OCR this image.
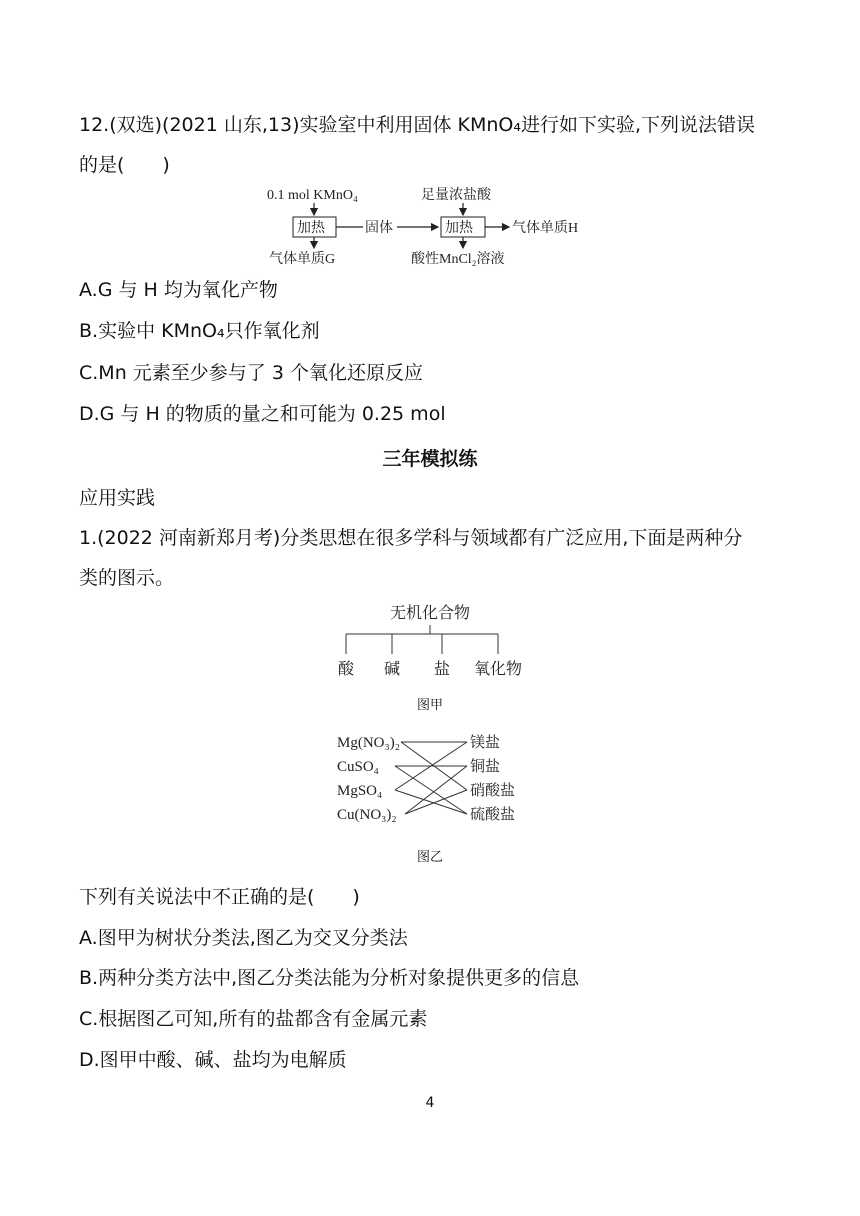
12.(双选)(2021 山东,13)实验室中利用固体 KMnO₄进行如下实验,下列说法错误
的是(　　)
0.1 mol KMnO₄
加热	固体
足量浓盐酸
加热	气体单质H
气体单质G	酸性MnCl₂溶液
A.G 与 H 均为氧化产物
B.实验中 KMnO₄只作氧化剂
C.Mn 元素至少参与了 3 个氧化还原反应
D.G 与 H 的物质的量之和可能为 0.25 mol
三年模拟练
应用实践
1.(2022 河南新郑月考)分类思想在很多学科与领域都有广泛应用,下面是两种分
类的图示。
无机化合物
酸 碱 盐 氧化物
图甲
Mg(NO₃)₂
CuSO₄
MgSO₄
Cu(NO₃)₂
镁盐
铜盐
硝酸盐
硫酸盐
图乙
下列有关说法中不正确的是(　　)
A.图甲为树状分类法,图乙为交叉分类法
B.两种分类方法中,图乙分类法能为分析对象提供更多的信息
C.根据图乙可知,所有的盐都含有金属元素
D.图甲中酸、碱、盐均为电解质
4
